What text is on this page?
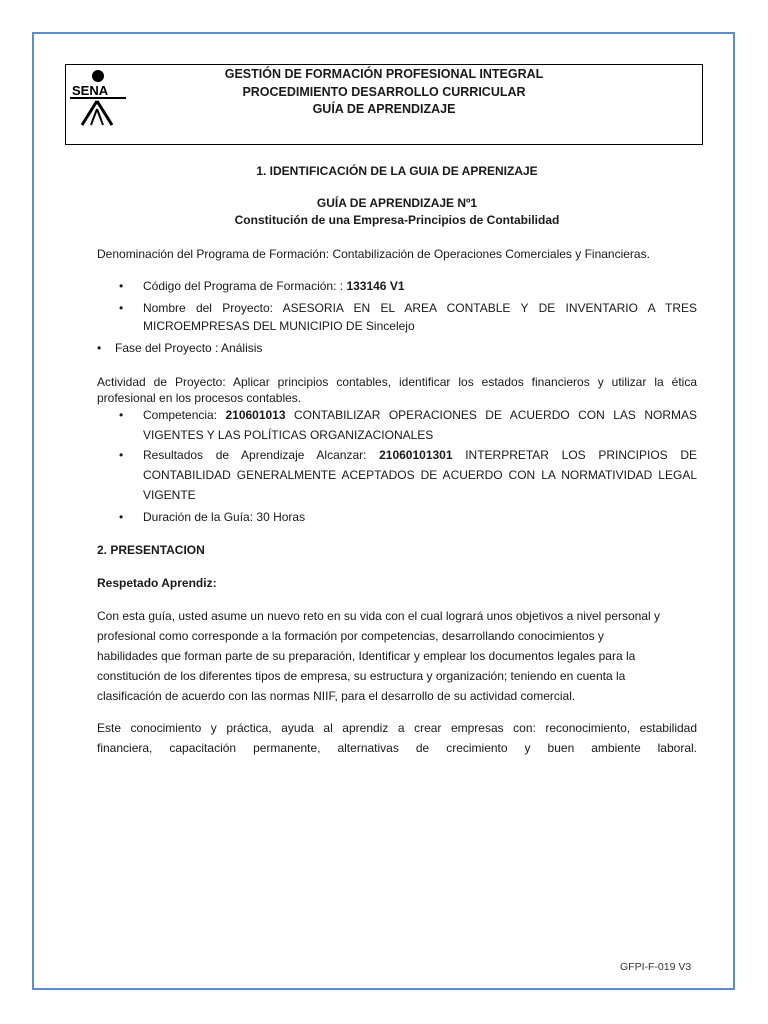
SENA
GESTIÓN DE FORMACIÓN PROFESIONAL INTEGRAL
PROCEDIMIENTO DESARROLLO CURRICULAR
GUÍA DE APRENDIZAJE
1. IDENTIFICACIÓN DE LA GUIA DE APRENIZAJE
GUÍA DE APRENDIZAJE Nº1
Constitución de una Empresa-Principios de Contabilidad
Denominación del Programa de Formación: Contabilización de Operaciones Comerciales y Financieras.
• Código del Programa de Formación: : 133146 V1
• Nombre del Proyecto: ASESORIA EN EL AREA CONTABLE Y DE INVENTARIO A TRES
MICROEMPRESAS DEL MUNICIPIO DE Sincelejo
• Fase del Proyecto : Análisis
Actividad de Proyecto: Aplicar principios contables, identificar los estados financieros y utilizar la ética
profesional en los procesos contables.
• Competencia: 210601013 CONTABILIZAR OPERACIONES DE ACUERDO CON LAS NORMAS
VIGENTES Y LAS POLÍTICAS ORGANIZACIONALES
• Resultados de Aprendizaje Alcanzar: 21060101301 INTERPRETAR LOS PRINCIPIOS DE
CONTABILIDAD GENERALMENTE ACEPTADOS DE ACUERDO CON LA NORMATIVIDAD LEGAL
VIGENTE
• Duración de la Guía: 30 Horas
2. PRESENTACION
Respetado Aprendiz:
Con esta guía, usted asume un nuevo reto en su vida con el cual logrará unos objetivos a nivel personal y
profesional como corresponde a la formación por competencias, desarrollando conocimientos y
habilidades que forman parte de su preparación, Identificar y emplear los documentos legales para la
constitución de los diferentes tipos de empresa, su estructura y organización; teniendo en cuenta la
clasificación de acuerdo con las normas NIIF, para el desarrollo de su actividad comercial.
Este conocimiento y práctica, ayuda al aprendiz a crear empresas con: reconocimiento, estabilidad
financiera, capacitación permanente, alternativas de crecimiento y buen ambiente laboral.
GFPI-F-019 V3
